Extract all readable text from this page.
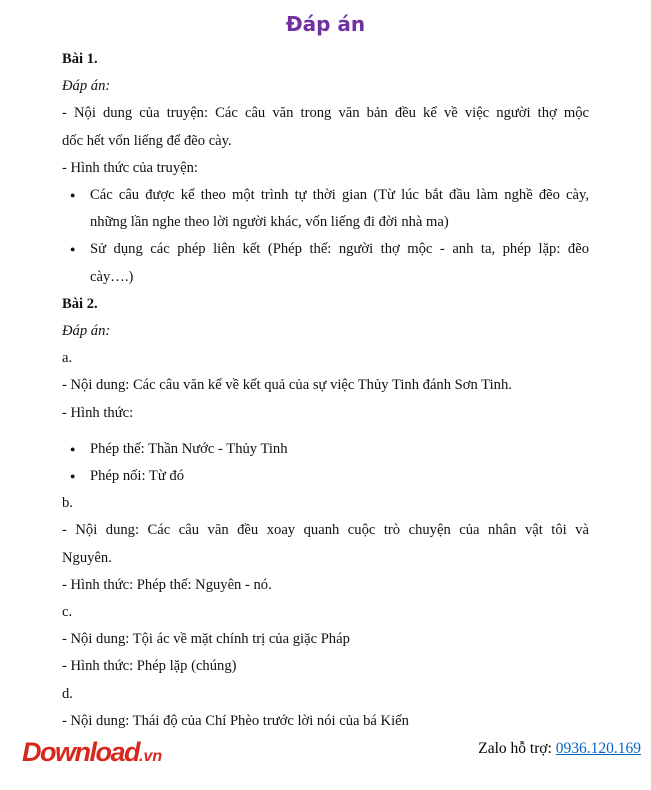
Đáp án

Bài 1.

Đáp án:

- Nội dung của truyện: Các câu văn trong văn bản đều kể về việc người thợ mộc

dốc hết vốn liếng để đẽo cày.

- Hình thức của truyện:

● Các câu được kể theo một trình tự thời gian (Từ lúc bắt đầu làm nghề đẽo cày,

những lần nghe theo lời người khác, vốn liếng đi đời nhà ma)

● Sử dụng các phép liên kết (Phép thế: người thợ mộc - anh ta, phép lặp: đẽo

cày….)

Bài 2.

Đáp án:

a.

- Nội dung: Các câu văn kể về kết quả của sự việc Thủy Tinh đánh Sơn Tinh.

- Hình thức:

● Phép thế: Thần Nước - Thủy Tinh

● Phép nối: Từ đó

b.

- Nội dung: Các câu văn đều xoay quanh cuộc trò chuyện của nhân vật tôi và

Nguyên.

- Hình thức: Phép thế: Nguyên - nó.

c.

- Nội dung: Tội ác về mặt chính trị của giặc Pháp

- Hình thức: Phép lặp (chúng)

d.

- Nội dung: Thái độ của Chí Phèo trước lời nói của bá Kiến

Download.vn	Zalo hỗ trợ: 0936.120.169
